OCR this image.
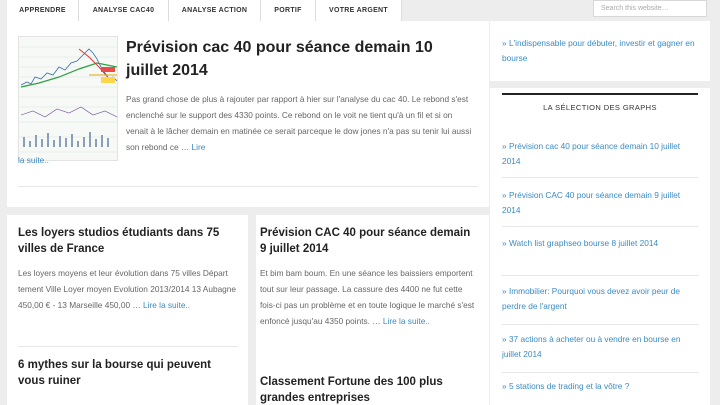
APPRENDRE	ANALYSE CAC40	ANALYSE ACTION	PORTIF	VOTRE ARGENT	Search this website…
Prévision cac 40 pour séance demain 10 juillet 2014
Pas grand chose de plus à rajouter par rapport à hier sur l'analyse du cac 40. Le rebond s'est enclenché sur le support des 4330 points. Ce rebond on le voit ne tient qu'à un fil et si on venait à le lâcher demain en matinée ce serait parceque le dow jones n'a pas su tenir lui aussi son rebond ce … Lire
la suite..
Les loyers studios étudiants dans 75 villes de France
Les loyers moyens et leur évolution dans 75 villes Départ tement Ville Loyer moyen Evolution 2013/2014 13 Aubagne 450,00 € - 13 Marseille 450,00 … Lire la suite..
Prévision CAC 40 pour séance demain 9 juillet 2014
Et bim bam boum. En une séance les baissiers emportent tout sur leur passage. La cassure des 4400 ne fut cette fois-ci pas un problème et en toute logique le marché s'est enfoncé jusqu'au 4350 points. … Lire la suite..
6 mythes sur la bourse qui peuvent vous ruiner	Classement Fortune des 100 plus grandes entreprises
» L'indispensable pour débuter, investir et gagner en bourse
LA SÉLECTION DES GRAPHS
» Prévision cac 40 pour séance demain 10 juillet 2014
» Prévision CAC 40 pour séance demain 9 juillet 2014
» Watch list graphseo bourse 8 juillet 2014
» Immobilier: Pourquoi vous devez avoir peur de perdre de l'argent
» 37 actions à acheter ou à vendre en bourse en juillet 2014
» 5 stations de trading et la vôtre ?
